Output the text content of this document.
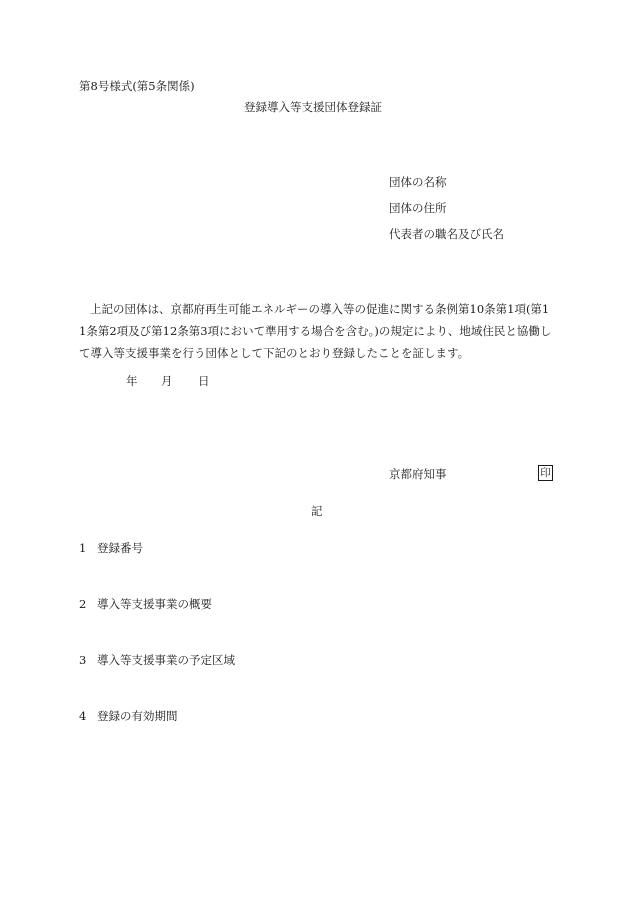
第8号様式(第5条関係)
登録導入等支援団体登録証
団体の名称
団体の住所
代表者の職名及び氏名
上記の団体は、京都府再生可能エネルギーの導入等の促進に関する条例第10条第1項(第11条第2項及び第12条第3項において準用する場合を含む。)の規定により、地域住民と協働して導入等支援事業を行う団体として下記のとおり登録したことを証します。
年 月 日
京都府知事	印
記
1 登録番号
2 導入等支援事業の概要
3 導入等支援事業の予定区域
4 登録の有効期間
